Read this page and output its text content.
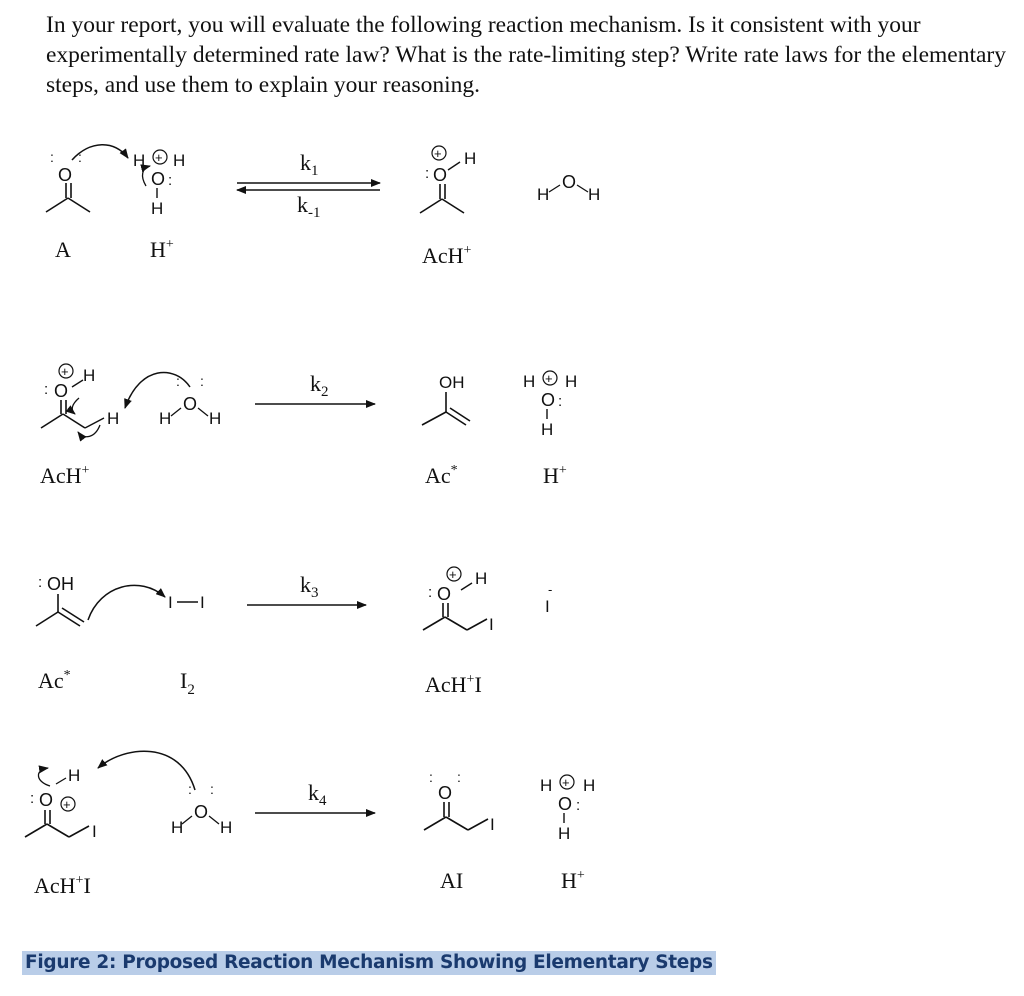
In your report, you will evaluate the following reaction mechanism. Is it consistent with your experimentally determined rate law? What is the rate-limiting step? Write rate laws for the elementary steps, and use them to explain your reasoning.

O
: :	H + H
O :
H
$k_1$
$k_{-1}$
+ H
: O
H
O
H
A	H+	AcH+
+ H
: O
H
: :
H
O
H
$k_2$	OH	H + H
O :
H
AcH+	Ac*	H+
: OH
I I
$k_3$
+ H
: O
I
I
-
Ac*	$I_2$	AcH+I
H
: O +
I
: :
H
O
H
$k_4$
: :
O
I
H + H
O :
H
AcH+I	AI	H+
Figure 2: Proposed Reaction Mechanism Showing Elementary Steps
